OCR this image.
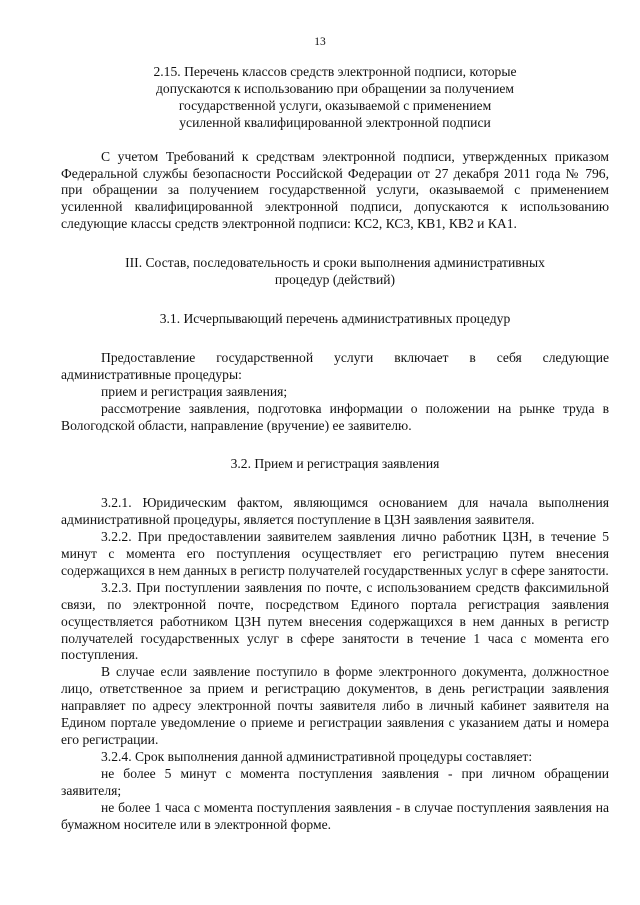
13

2.15. Перечень классов средств электронной подписи, которые

допускаются к использованию при обращении за получением

государственной услуги, оказываемой с применением

усиленной квалифицированной электронной подписи

С учетом Требований к средствам электронной подписи, утвержденных приказом Федеральной службы безопасности Российской Федерации от 27 декабря 2011 года № 796, при обращении за получением государственной услуги, оказываемой с применением усиленной квалифицированной электронной подписи, допускаются к использованию следующие классы средств электронной подписи: КС2, КС3, КВ1, КВ2 и КА1.

III. Состав, последовательность и сроки выполнения административных

процедур (действий)

3.1. Исчерпывающий перечень административных процедур

Предоставление государственной услуги включает в себя следующие административные процедуры:

прием и регистрация заявления;

рассмотрение заявления, подготовка информации о положении на рынке труда в Вологодской области, направление (вручение) ее заявителю.

3.2. Прием и регистрация заявления

3.2.1. Юридическим фактом, являющимся основанием для начала выполнения административной процедуры, является поступление в ЦЗН заявления заявителя.

3.2.2. При предоставлении заявителем заявления лично работник ЦЗН, в течение 5 минут с момента его поступления осуществляет его регистрацию путем внесения содержащихся в нем данных в регистр получателей государственных услуг в сфере занятости.

3.2.3. При поступлении заявления по почте, с использованием средств факсимильной связи, по электронной почте, посредством Единого портала регистрация заявления осуществляется работником ЦЗН путем внесения содержащихся в нем данных в регистр получателей государственных услуг в сфере занятости в течение 1 часа с момента его поступления.

В случае если заявление поступило в форме электронного документа, должностное лицо, ответственное за прием и регистрацию документов, в день регистрации заявления направляет по адресу электронной почты заявителя либо в личный кабинет заявителя на Едином портале уведомление о приеме и регистрации заявления с указанием даты и номера его регистрации.

3.2.4. Срок выполнения данной административной процедуры составляет:

не более 5 минут с момента поступления заявления - при личном обращении заявителя;

не более 1 часа с момента поступления заявления - в случае поступления заявления на бумажном носителе или в электронной форме.
